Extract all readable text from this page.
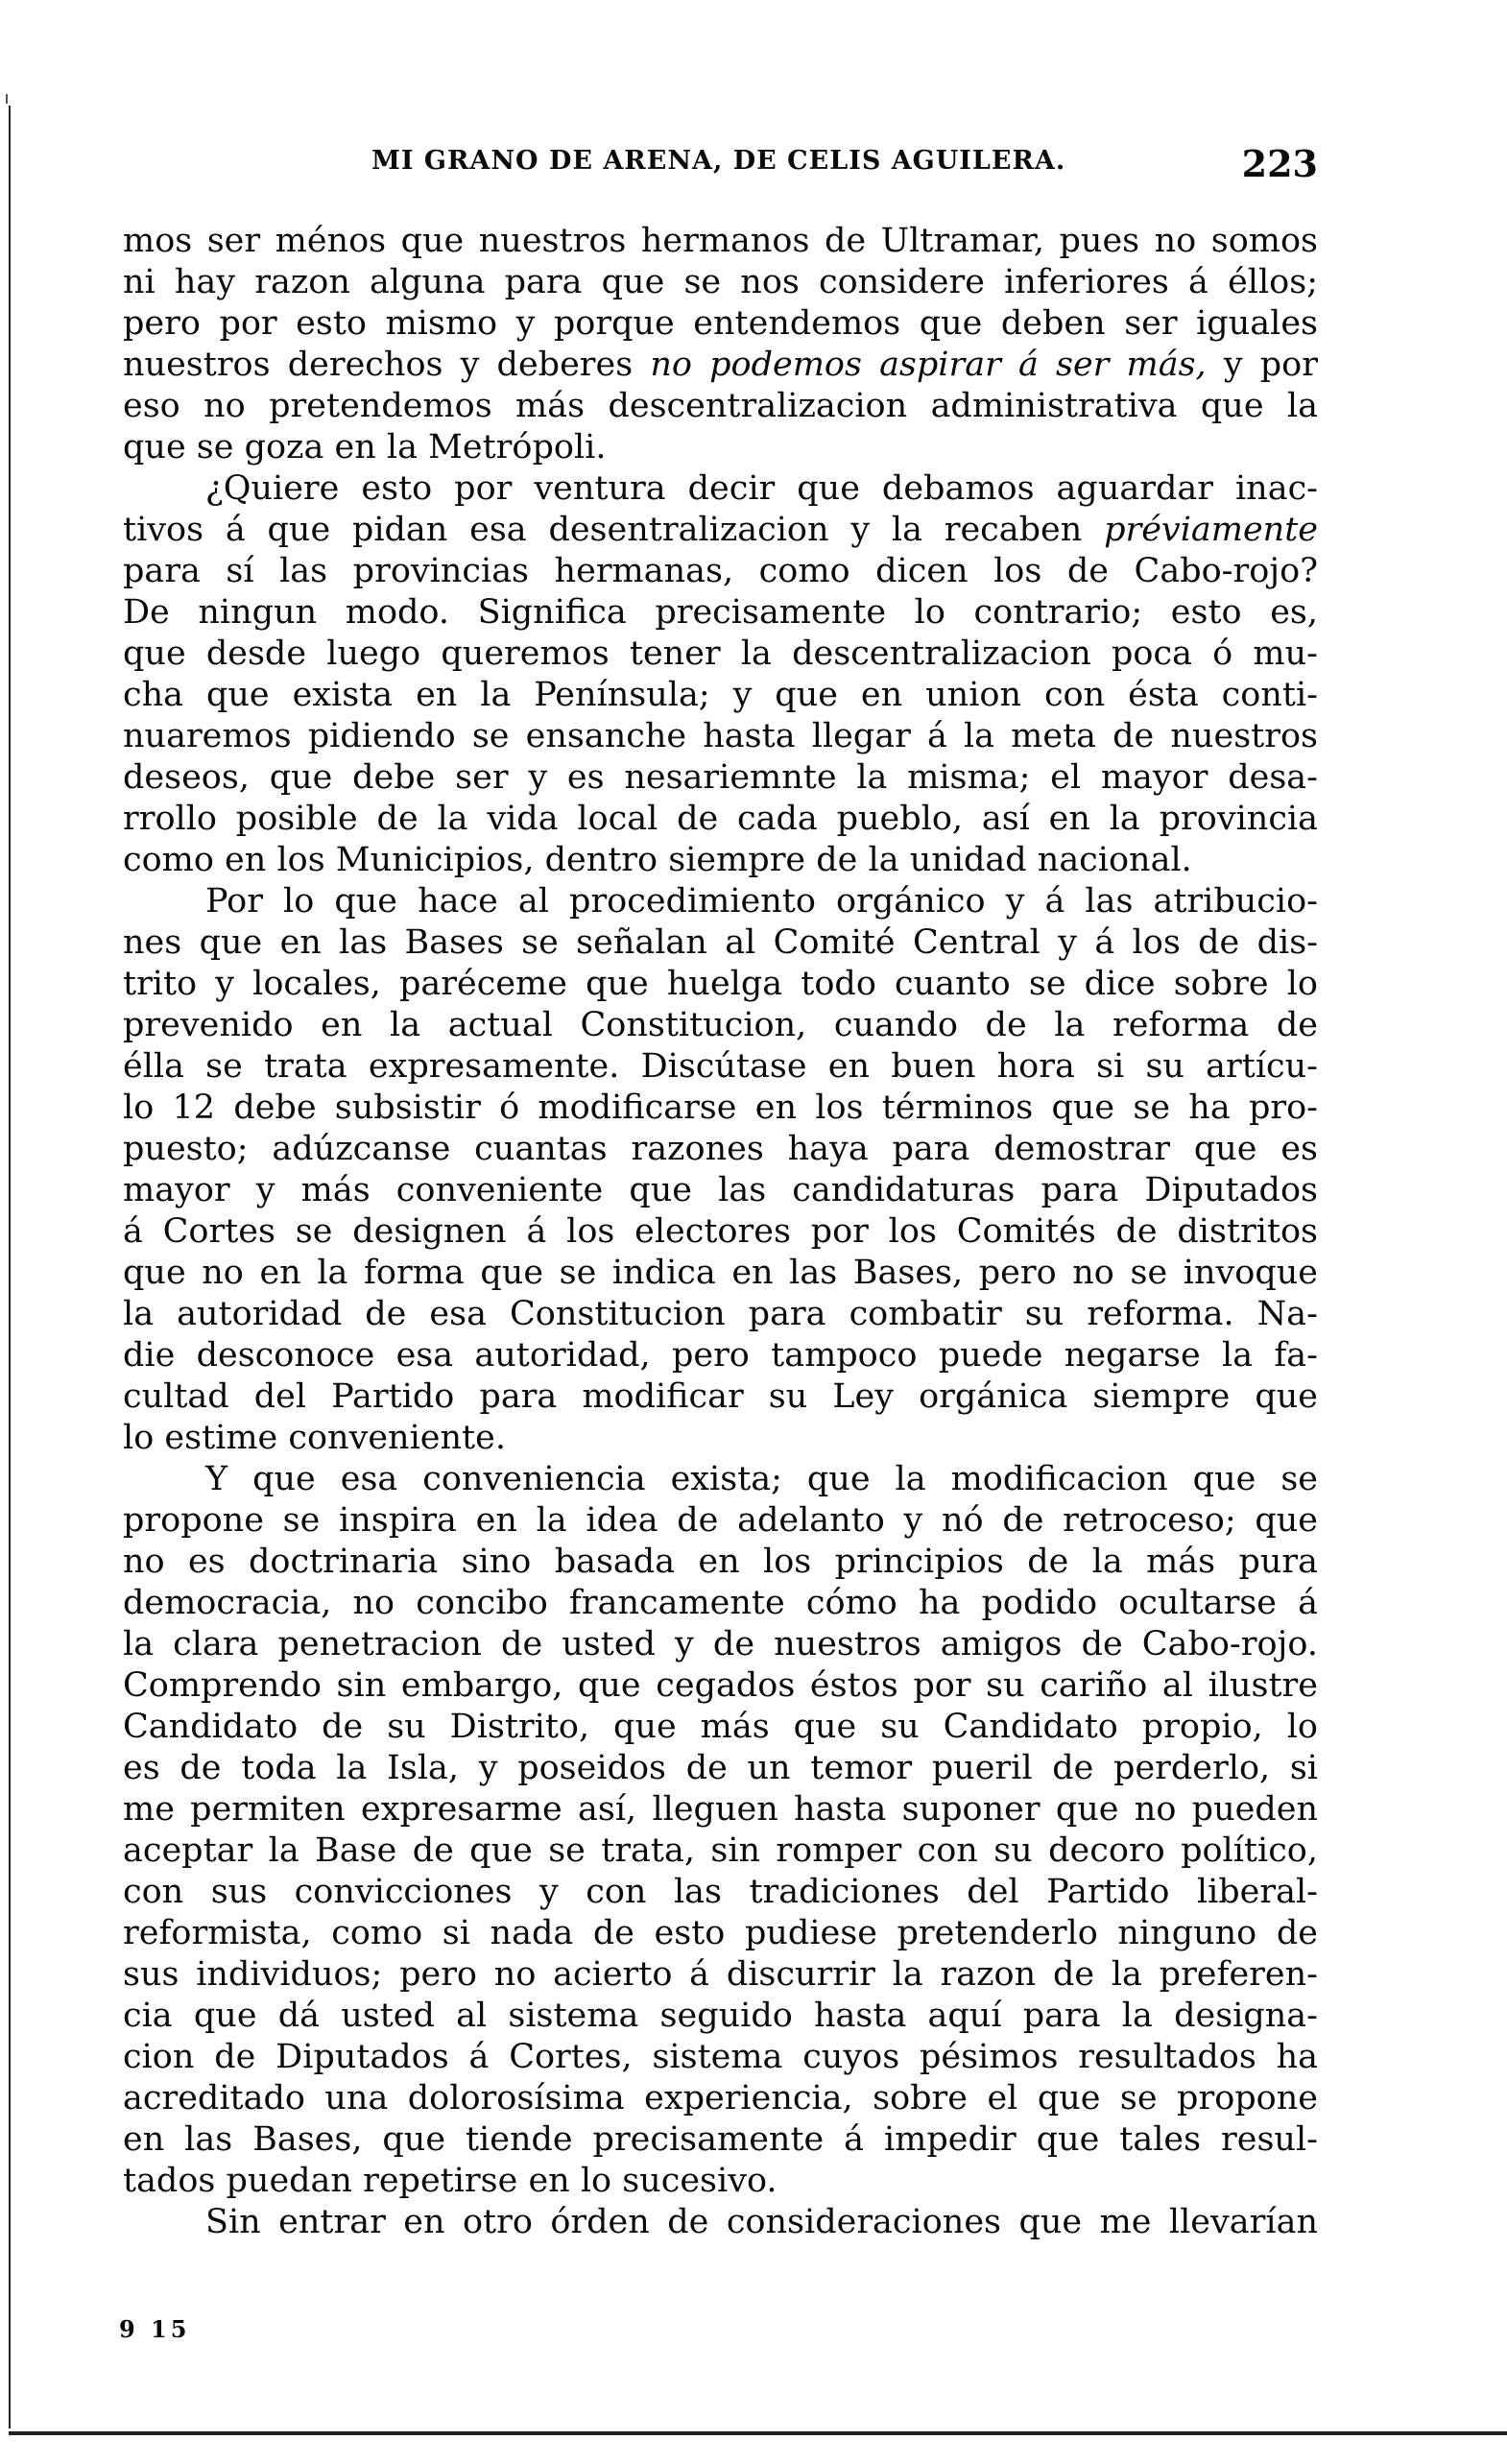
MI GRANO DE ARENA, DE CELIS AGUILERA.	223
mos ser ménos que nuestros hermanos de Ultramar, pues no somos
ni hay razon alguna para que se nos considere inferiores á éllos;
pero por esto mismo y porque entendemos que deben ser iguales
nuestros derechos y deberes no podemos aspirar á ser más, y por
eso no pretendemos más descentralizacion administrativa que la
que se goza en la Metrópoli.
¿Quiere esto por ventura decir que debamos aguardar inac-
tivos á que pidan esa desentralizacion y la recaben préviamente
para sí las provincias hermanas, como dicen los de Cabo-rojo?
De ningun modo. Significa precisamente lo contrario; esto es,
que desde luego queremos tener la descentralizacion poca ó mu-
cha que exista en la Península; y que en union con ésta conti-
nuaremos pidiendo se ensanche hasta llegar á la meta de nuestros
deseos, que debe ser y es nesariemnte la misma; el mayor desa-
rrollo posible de la vida local de cada pueblo, así en la provincia
como en los Municipios, dentro siempre de la unidad nacional.
Por lo que hace al procedimiento orgánico y á las atribucio-
nes que en las Bases se señalan al Comité Central y á los de dis-
trito y locales, paréceme que huelga todo cuanto se dice sobre lo
prevenido en la actual Constitucion, cuando de la reforma de
élla se trata expresamente. Discútase en buen hora si su artícu-
lo 12 debe subsistir ó modificarse en los términos que se ha pro-
puesto; adúzcanse cuantas razones haya para demostrar que es
mayor y más conveniente que las candidaturas para Diputados
á Cortes se designen á los electores por los Comités de distritos
que no en la forma que se indica en las Bases, pero no se invoque
la autoridad de esa Constitucion para combatir su reforma. Na-
die desconoce esa autoridad, pero tampoco puede negarse la fa-
cultad del Partido para modificar su Ley orgánica siempre que
lo estime conveniente.
Y que esa conveniencia exista; que la modificacion que se
propone se inspira en la idea de adelanto y nó de retroceso; que
no es doctrinaria sino basada en los principios de la más pura
democracia, no concibo francamente cómo ha podido ocultarse á
la clara penetracion de usted y de nuestros amigos de Cabo-rojo.
Comprendo sin embargo, que cegados éstos por su cariño al ilustre
Candidato de su Distrito, que más que su Candidato propio, lo
es de toda la Isla, y poseidos de un temor pueril de perderlo, si
me permiten expresarme así, lleguen hasta suponer que no pueden
aceptar la Base de que se trata, sin romper con su decoro político,
con sus convicciones y con las tradiciones del Partido liberal-
reformista, como si nada de esto pudiese pretenderlo ninguno de
sus individuos; pero no acierto á discurrir la razon de la preferen-
cia que dá usted al sistema seguido hasta aquí para la designa-
cion de Diputados á Cortes, sistema cuyos pésimos resultados ha
acreditado una dolorosísima experiencia, sobre el que se propone
en las Bases, que tiende precisamente á impedir que tales resul-
tados puedan repetirse en lo sucesivo.
Sin entrar en otro órden de consideraciones que me llevarían
9 15
